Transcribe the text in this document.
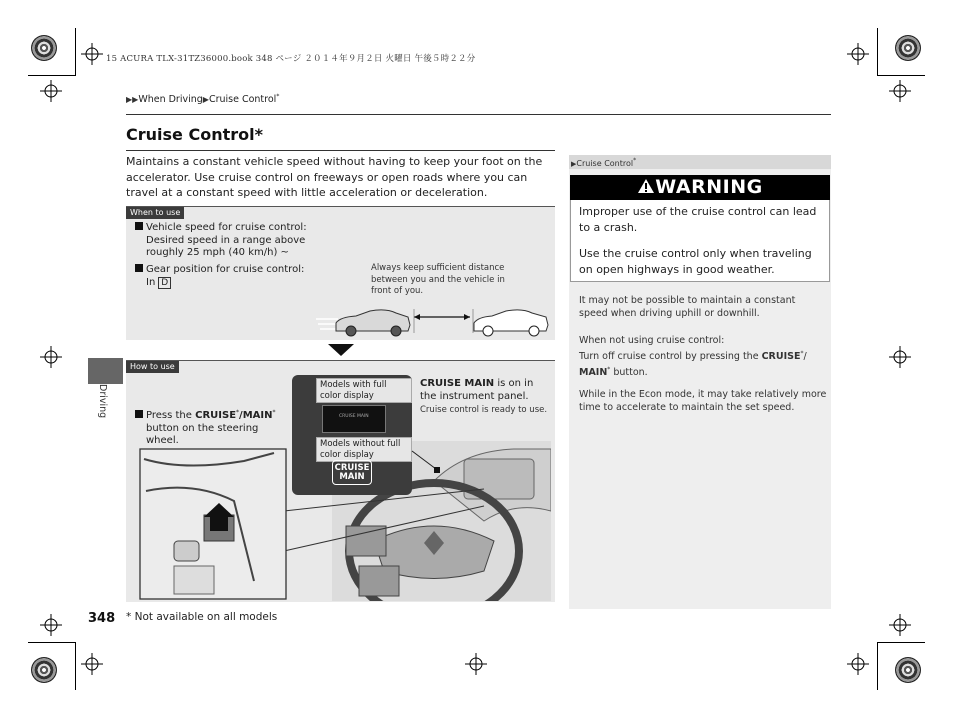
15 ACURA TLX-31TZ36000.book 348 ページ ２０１４年９月２日 火曜日 午後５時２２分
▶▶When Driving▶Cruise Control*
Cruise Control*

Maintains a constant vehicle speed without having to keep your foot on the accelerator. Use cruise control on freeways or open roads where you can travel at a constant speed with little acceleration or deceleration.

When to use
Vehicle speed for cruise control:
Desired speed in a range above
roughly 25 mph (40 km/h) ~
Gear position for cruise control:
In D
Always keep sufficient distance between you and the vehicle in front of you.
How to use
Press the CRUISE*/MAIN*
button on the steering wheel.
Models with full color display
CRUISE MAIN
Models without full color display
CRUISE
MAIN
CRUISE MAIN is on in the instrument panel.
Cruise control is ready to use.
Driving
348 * Not available on all models
▶Cruise Control*
WARNING

Improper use of the cruise control can lead to a crash.

Use the cruise control only when traveling on open highways in good weather.

It may not be possible to maintain a constant speed when driving uphill or downhill.
When not using cruise control:
Turn off cruise control by pressing the CRUISE*/ MAIN* button.
While in the Econ mode, it may take relatively more time to accelerate to maintain the set speed.
